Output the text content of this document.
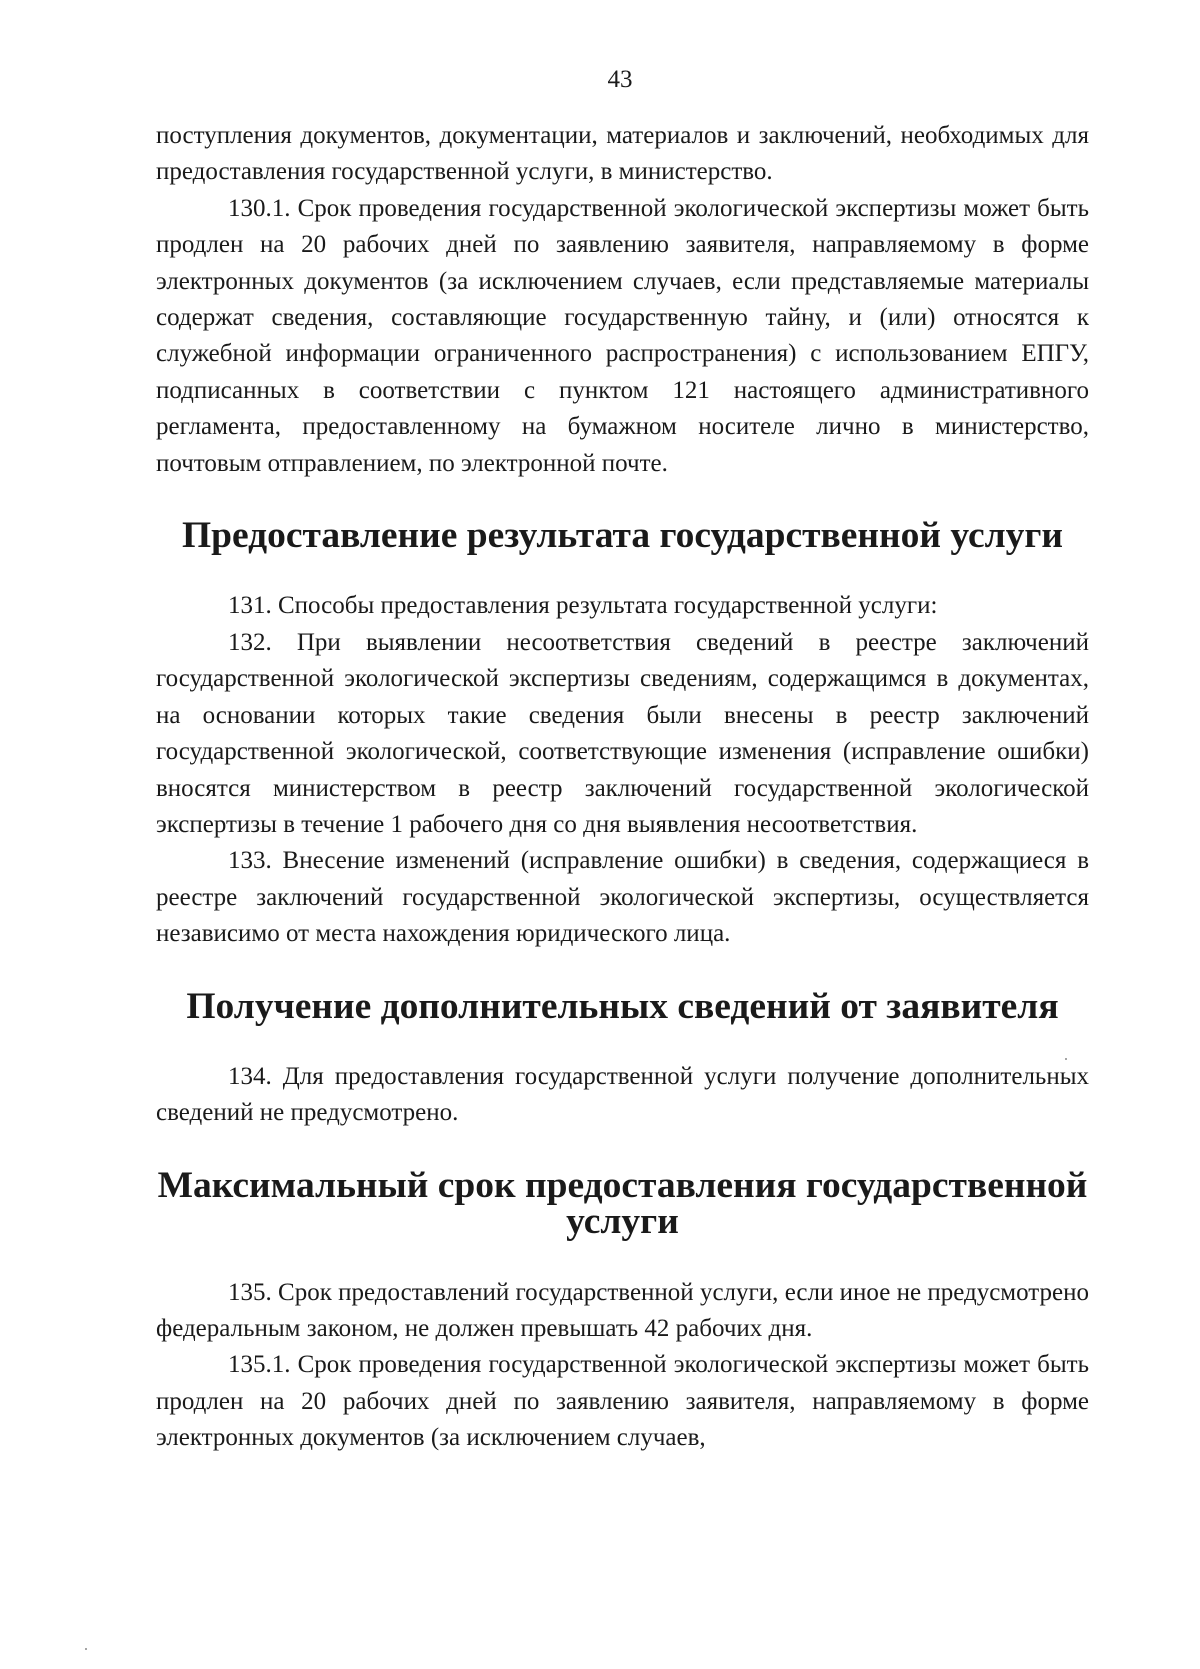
43

поступления документов, документации, материалов и заключений, необходимых для предоставления государственной услуги, в министерство.

130.1. Срок проведения государственной экологической экспертизы может быть продлен на 20 рабочих дней по заявлению заявителя, направляемому в форме электронных документов (за исключением случаев, если представляемые материалы содержат сведения, составляющие государственную тайну, и (или) относятся к служебной информации ограниченного распространения) с использованием ЕПГУ, подписанных в соответствии с пунктом 121 настоящего административного регламента, предоставленному на бумажном носителе лично в министерство, почтовым отправлением, по электронной почте.

Предоставление результата государственной услуги

131. Способы предоставления результата государственной услуги:

132. При выявлении несоответствия сведений в реестре заключений государственной экологической экспертизы сведениям, содержащимся в документах, на основании которых такие сведения были внесены в реестр заключений государственной экологической, соответствующие изменения (исправление ошибки) вносятся министерством в реестр заключений государственной экологической экспертизы в течение 1 рабочего дня со дня выявления несоответствия.

133. Внесение изменений (исправление ошибки) в сведения, содержащиеся в реестре заключений государственной экологической экспертизы, осуществляется независимо от места нахождения юридического лица.

Получение дополнительных сведений от заявителя

134. Для предоставления государственной услуги получение дополнительных сведений не предусмотрено.

Максимальный срок предоставления государственной услуги

135. Срок предоставлений государственной услуги, если иное не предусмотрено федеральным законом, не должен превышать 42 рабочих дня.

135.1. Срок проведения государственной экологической экспертизы может быть продлен на 20 рабочих дней по заявлению заявителя, направляемому в форме электронных документов (за исключением случаев,
